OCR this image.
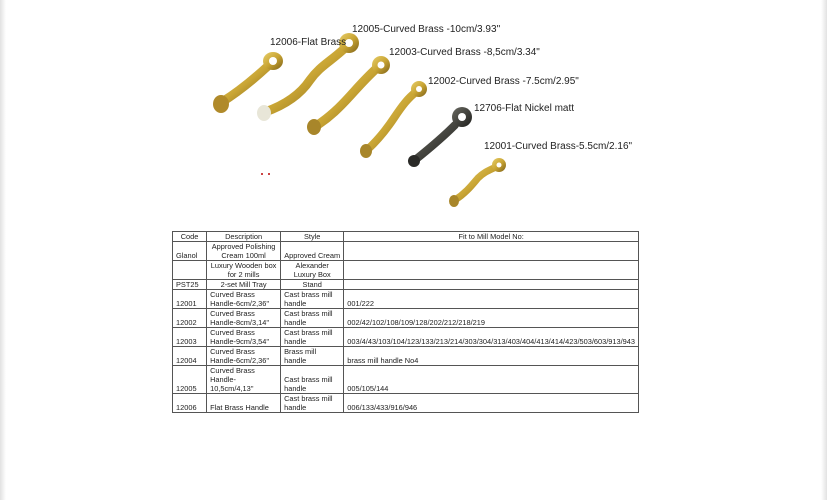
12006-Flat Brass
12005-Curved Brass -10cm/3.93''
12003-Curved Brass -8,5cm/3.34"
12002-Curved Brass -7.5cm/2.95"
12706-Flat Nickel matt
12001-Curved Brass-5.5cm/2.16"
Code	Description	Style	Fit to Mill Model No:
Glanol	Approved Polishing Cream 100ml	Approved Cream	
	Luxury Wooden box for 2 mills	Alexander Luxury Box	
PST25	2-set Mill Tray	Stand	
12001	Curved Brass Handle-6cm/2,36''	Cast brass mill handle	001/222
12002	Curved Brass Handle-8cm/3,14''	Cast brass mill handle	002/42/102/108/109/128/202/212/218/219
12003	Curved Brass Handle-9cm/3,54''	Cast brass mill handle	003/4/43/103/104/123/133/213/214/303/304/313/403/404/413/414/423/503/603/913/943
12004	Curved Brass Handle-6cm/2,36''	Brass mill handle	brass mill handle No4
12005	Curved Brass Handle-10,5cm/4,13''	Cast brass mill handle	005/105/144
12006	Flat Brass Handle	Cast brass mill handle	006/133/433/916/946
